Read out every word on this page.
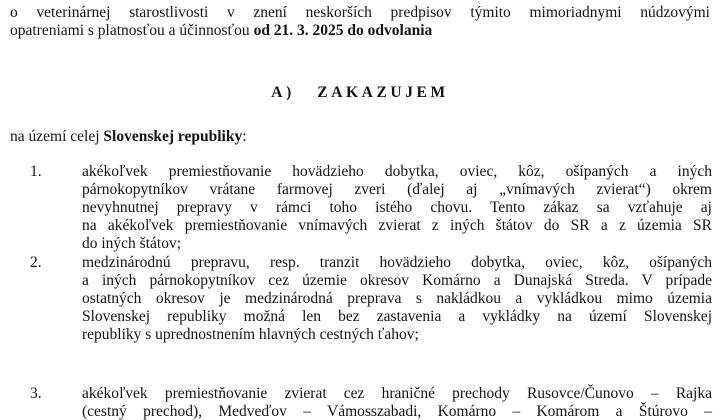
o veterinárnej starostlivosti v znení neskorších predpisov týmito mimoriadnymi núdzovými

opatreniami s platnosťou a účinnosťou od 21. 3. 2025 do odvolania

A) ZAKAZUJEM
na území celej Slovenskej republiky:
1.	akékoľvek premiestňovanie hovädzieho dobytka, oviec, kôz, ošípaných a iných
párnokopytníkov vrátane farmovej zveri (ďalej aj „vnímavých zvierat“) okrem
nevyhnutnej prepravy v rámci toho istého chovu. Tento zákaz sa vzťahuje aj
na akékoľvek premiestňovanie vnímavých zvierat z iných štátov do SR a z územia SR
do iných štátov;
2.	medzinárodnú prepravu, resp. tranzit hovädzieho dobytka, oviec, kôz, ošípaných
a iných párnokopytníkov cez územie okresov Komárno a Dunajská Streda. V prípade
ostatných okresov je medzinárodná preprava s nakládkou a vykládkou mimo územia
Slovenskej republiky možná len bez zastavenia a vykládky na území Slovenskej
republiky s uprednostnením hlavných cestných ťahov;
3.	akékoľvek premiestňovanie zvierat cez hraničné prechody Rusovce/Čunovo – Rajka
(cestný prechod), Medveďov – Vámosszabadi, Komárno – Komárom a Štúrovo –
